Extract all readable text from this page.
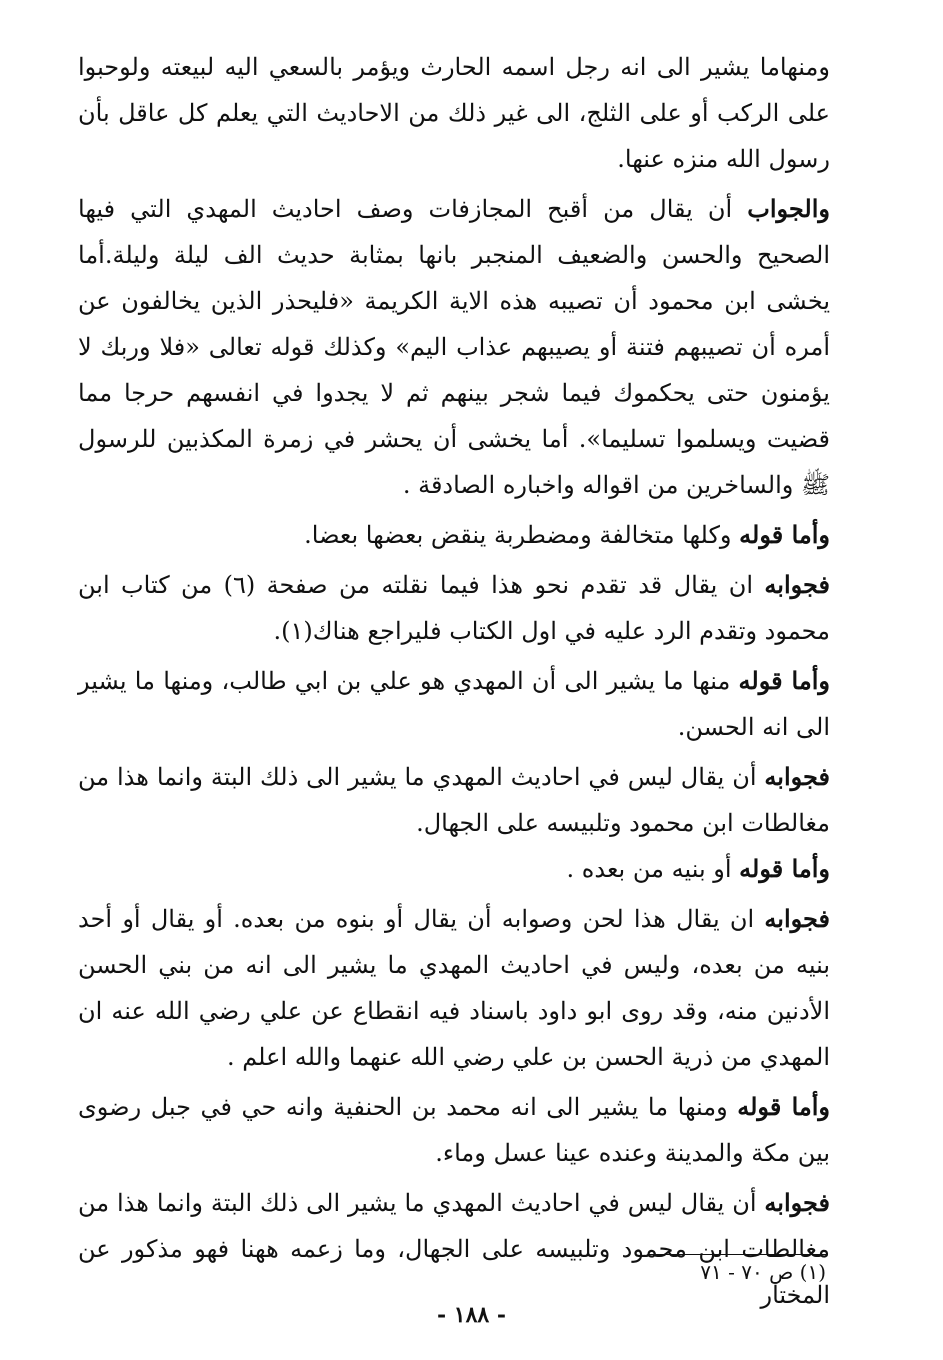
ومنهاما يشير الى انه رجل اسمه الحارث ويؤمر بالسعي اليه لبيعته ولوحبوا على الركب أو على الثلج، الى غير ذلك من الاحاديث التي يعلم كل عاقل بأن رسول الله منزه عنها.

والجواب أن يقال من أقبح المجازفات وصف احاديث المهدي التي فيها الصحيح والحسن والضعيف المنجبر بانها بمثابة حديث الف ليلة وليلة.أما يخشى ابن محمود أن تصيبه هذه الاية الكريمة «فليحذر الذين يخالفون عن أمره أن تصيبهم فتنة أو يصيبهم عذاب اليم» وكذلك قوله تعالى «فلا وربك لا يؤمنون حتى يحكموك فيما شجر بينهم ثم لا يجدوا في انفسهم حرجا مما قضيت ويسلموا تسليما». أما يخشى أن يحشر في زمرة المكذبين للرسول ﷺ والساخرين من اقواله واخباره الصادقة .

وأما قوله وكلها متخالفة ومضطربة ينقض بعضها بعضا.

فجوابه ان يقال قد تقدم نحو هذا فيما نقلته من صفحة (٦) من كتاب ابن محمود وتقدم الرد عليه في اول الكتاب فليراجع هناك(١).

وأما قوله منها ما يشير الى أن المهدي هو علي بن ابي طالب، ومنها ما يشير الى انه الحسن.

فجوابه أن يقال ليس في احاديث المهدي ما يشير الى ذلك البتة وانما هذا من مغالطات ابن محمود وتلبيسه على الجهال.

وأما قوله أو بنيه من بعده .

فجوابه ان يقال هذا لحن وصوابه أن يقال أو بنوه من بعده. أو يقال أو أحد بنيه من بعده، وليس في احاديث المهدي ما يشير الى انه من بني الحسن الأدنين منه، وقد روى ابو داود باسناد فيه انقطاع عن علي رضي الله عنه ان المهدي من ذرية الحسن بن علي رضي الله عنهما والله اعلم .

وأما قوله ومنها ما يشير الى انه محمد بن الحنفية وانه حي في جبل رضوى بين مكة والمدينة وعنده عينا عسل وماء.

فجوابه أن يقال ليس في احاديث المهدي ما يشير الى ذلك البتة وانما هذا من مغالطات ابن محمود وتلبيسه على الجهال، وما زعمه ههنا فهو مذكور عن المختار

(١) ص ٧٠ - ٧١
- ١٨٨ -
